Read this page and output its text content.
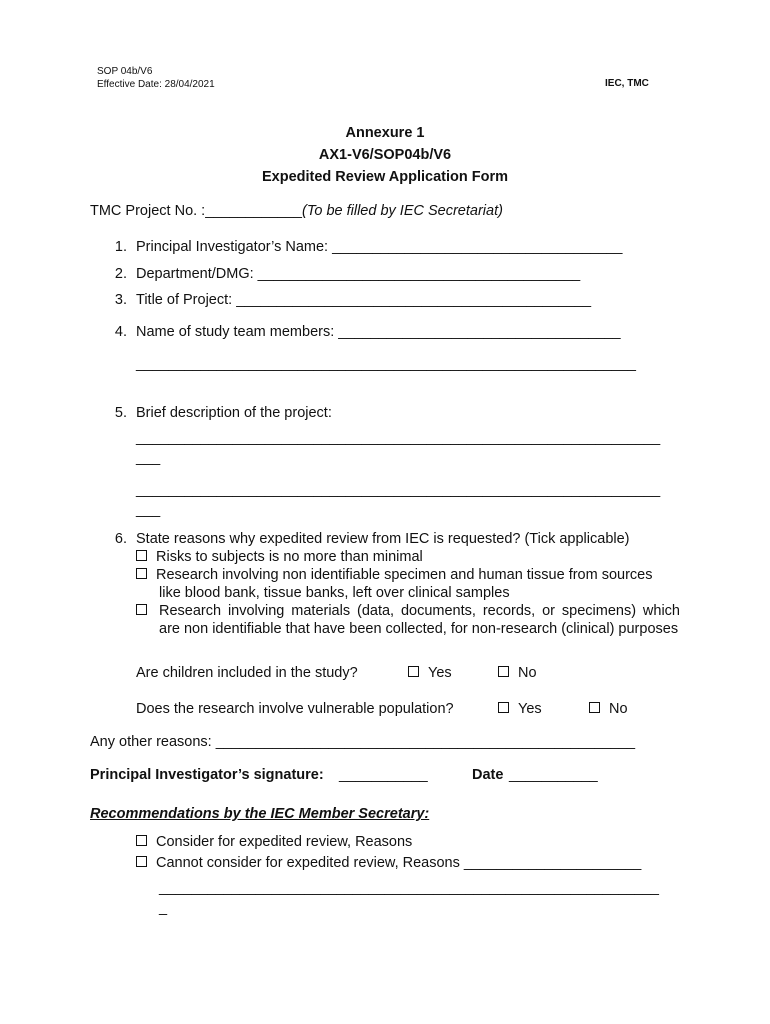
SOP 04b/V6
Effective Date: 28/04/2021	IEC, TMC
Annexure 1
AX1-V6/SOP04b/V6
Expedited Review Application Form
TMC Project No. :____________(To be filled by IEC Secretariat)
1. Principal Investigator’s Name: ____________________________________
2. Department/DMG: ________________________________________
3. Title of Project: ____________________________________________
4. Name of study team members: ___________________________________
______________________________________________________________
5. Brief description of the project:
_________________________________________________________________
___
_________________________________________________________________
___
6. State reasons why expedited review from IEC is requested? (Tick applicable)
Risks to subjects is no more than minimal
Research involving non identifiable specimen and human tissue from sources
like blood bank, tissue banks, left over clinical samples
Research involving materials (data, documents, records, or specimens) which are non identifiable that have been collected, for non-research (clinical) purposes
Are children included in the study?	Yes	No
Does the research involve vulnerable population?	Yes	No
Any other reasons: ____________________________________________________
Principal Investigator’s signature: ___________	Date ___________
Recommendations by the IEC Member Secretary:
Consider for expedited review, Reasons
Cannot consider for expedited review, Reasons ______________________
______________________________________________________________
_
